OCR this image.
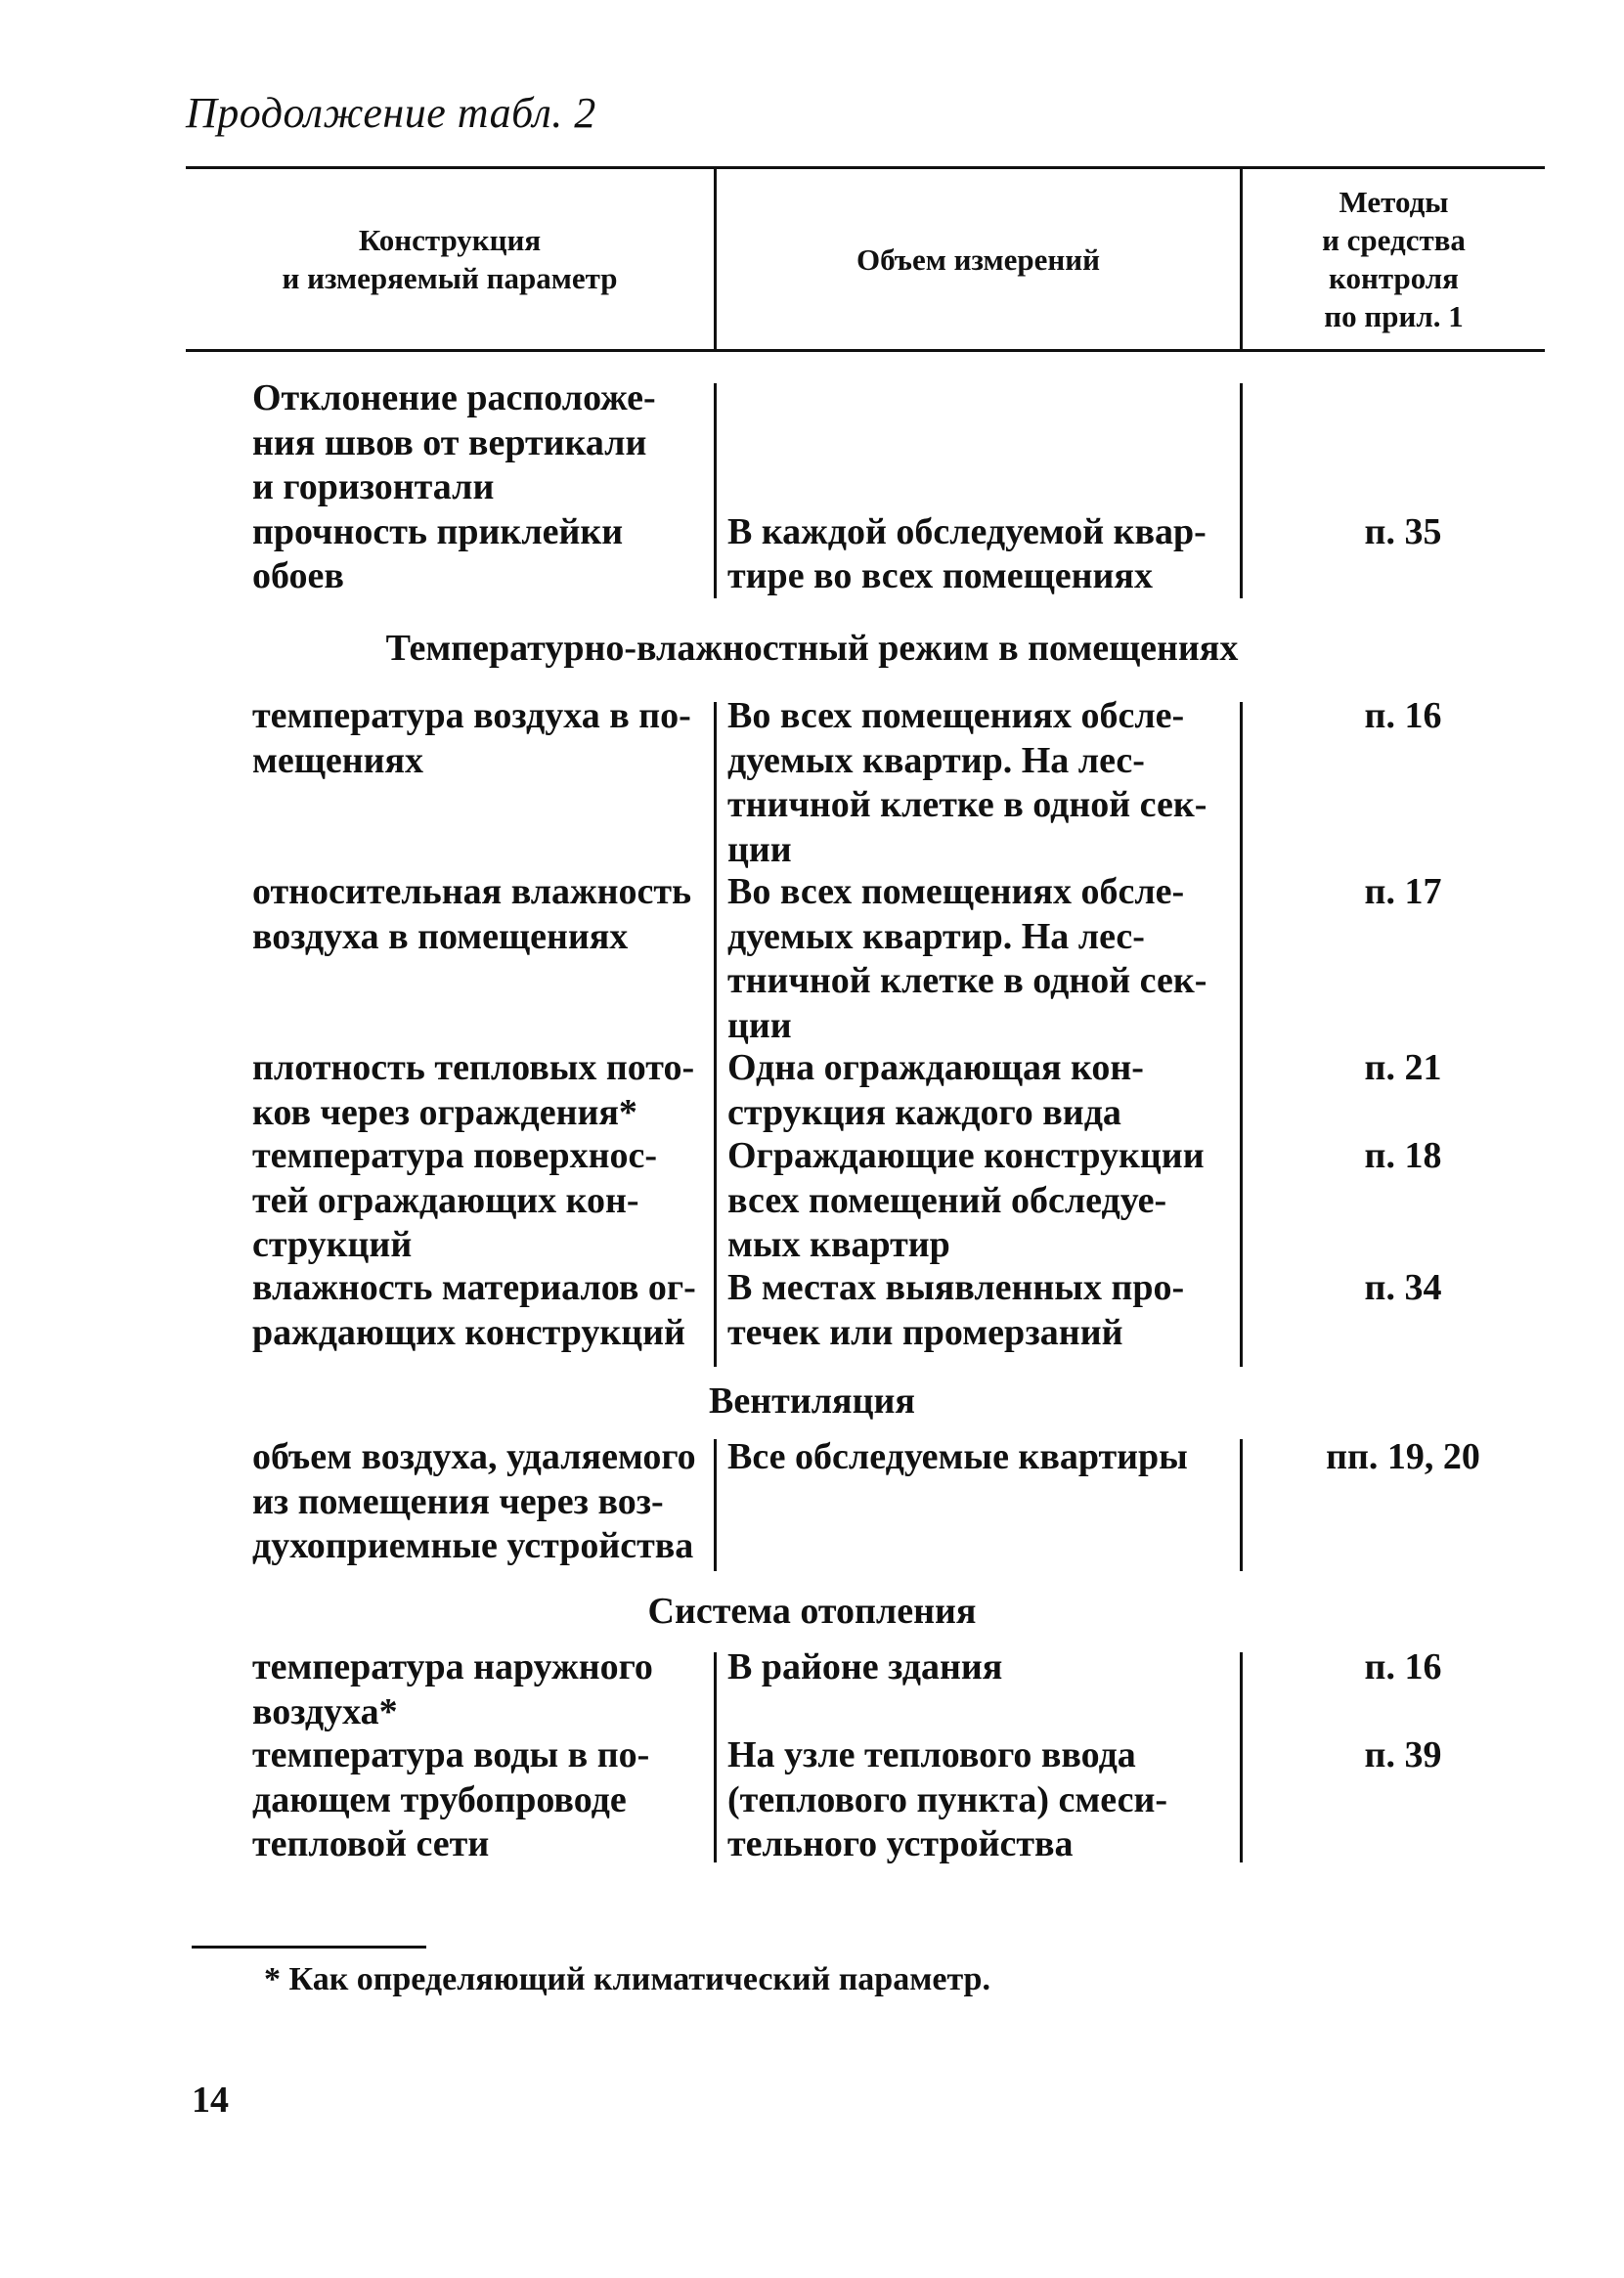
Продолжение табл. 2
Конструкция
и измеряемый параметр
Объем измерений
Методы
и средства
контроля
по прил. 1
Отклонение расположе-
ния швов от вертикали
и горизонтали
прочность приклейки
обоев

В каждой обследуемой квар-
тире во всех помещениях

п. 35
Температурно-влажностный режим в помещениях
температура воздуха в по-
мещениях
Во всех помещениях обсле-
дуемых квартир. На лес-
тничной клетке в одной сек-
ции
п. 16
относительная влажность
воздуха в помещениях
Во всех помещениях обсле-
дуемых квартир. На лес-
тничной клетке в одной сек-
ции
п. 17
плотность тепловых пото-
ков через ограждения*
Одна ограждающая кон-
струкция каждого вида
п. 21
температура поверхнос-
тей ограждающих кон-
струкций
Ограждающие конструкции
всех помещений обследуе-
мых квартир
п. 18
влажность материалов ог-
раждающих конструкций
В местах выявленных про-
течек или промерзаний
п. 34
Вентиляция
объем воздуха, удаляемого
из помещения через воз-
духоприемные устройства
Все обследуемые квартиры	пп. 19, 20
Система отопления
температура наружного
воздуха*
В районе здания	п. 16
температура воды в по-
дающем трубопроводе
тепловой сети
На узле теплового ввода
(теплового пункта) смеси-
тельного устройства
п. 39
* Как определяющий климатический параметр.
14
